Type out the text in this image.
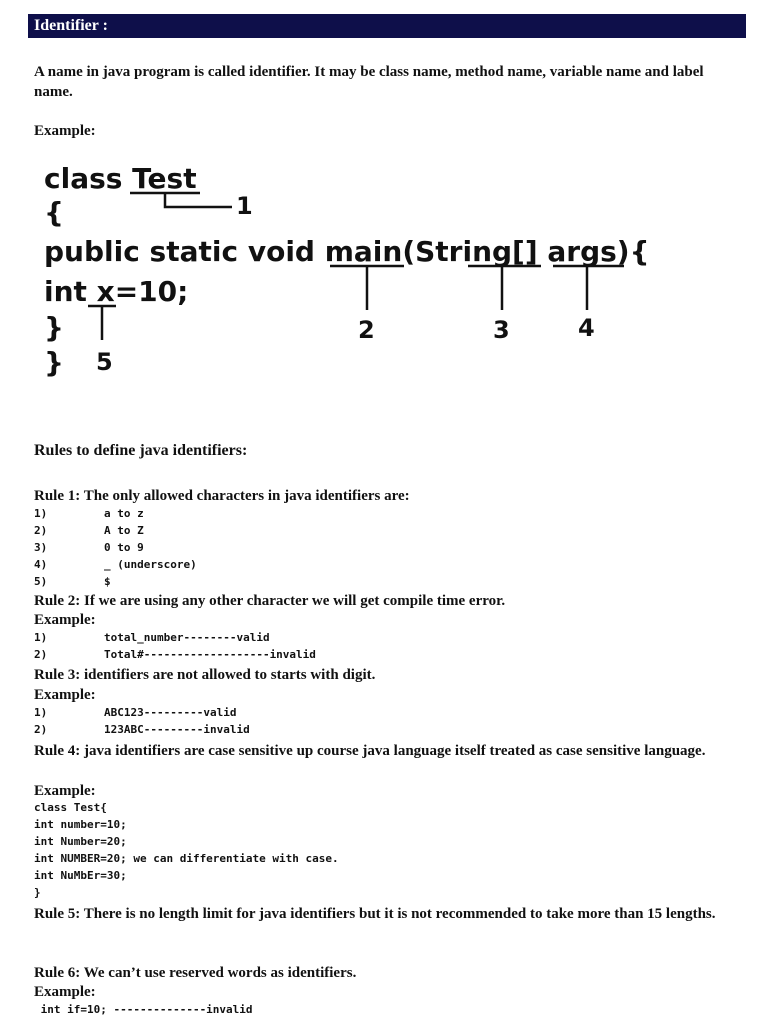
Identifier :
A name in java program is called identifier. It may be class name, method name, variable name and label name.
Example:
class Test
{
public static void main(String[] args){
int x=10;
}
}
1
2	3	4
5
Rules to define java identifiers:
Rule 1: The only allowed characters in java identifiers are:
1)	a to z
2)	A to Z
3)	0 to 9
4)	_ (underscore)
5)	$
Rule 2: If we are using any other character we will get compile time error.
Example:
1)	total_number--------valid
2)	Total#-------------------invalid
Rule 3: identifiers are not allowed to starts with digit.
Example:
1)	ABC123---------valid
2)	123ABC---------invalid
Rule 4: java identifiers are case sensitive up course java language itself treated as case sensitive language.
Example:
class Test{
int number=10;
int Number=20;
int NUMBER=20; we can differentiate with case.
int NuMbEr=30;
}
Rule 5: There is no length limit for java identifiers but it is not recommended to take more than 15 lengths.
Rule 6: We can’t use reserved words as identifiers.
Example:
int if=10; --------------invalid
